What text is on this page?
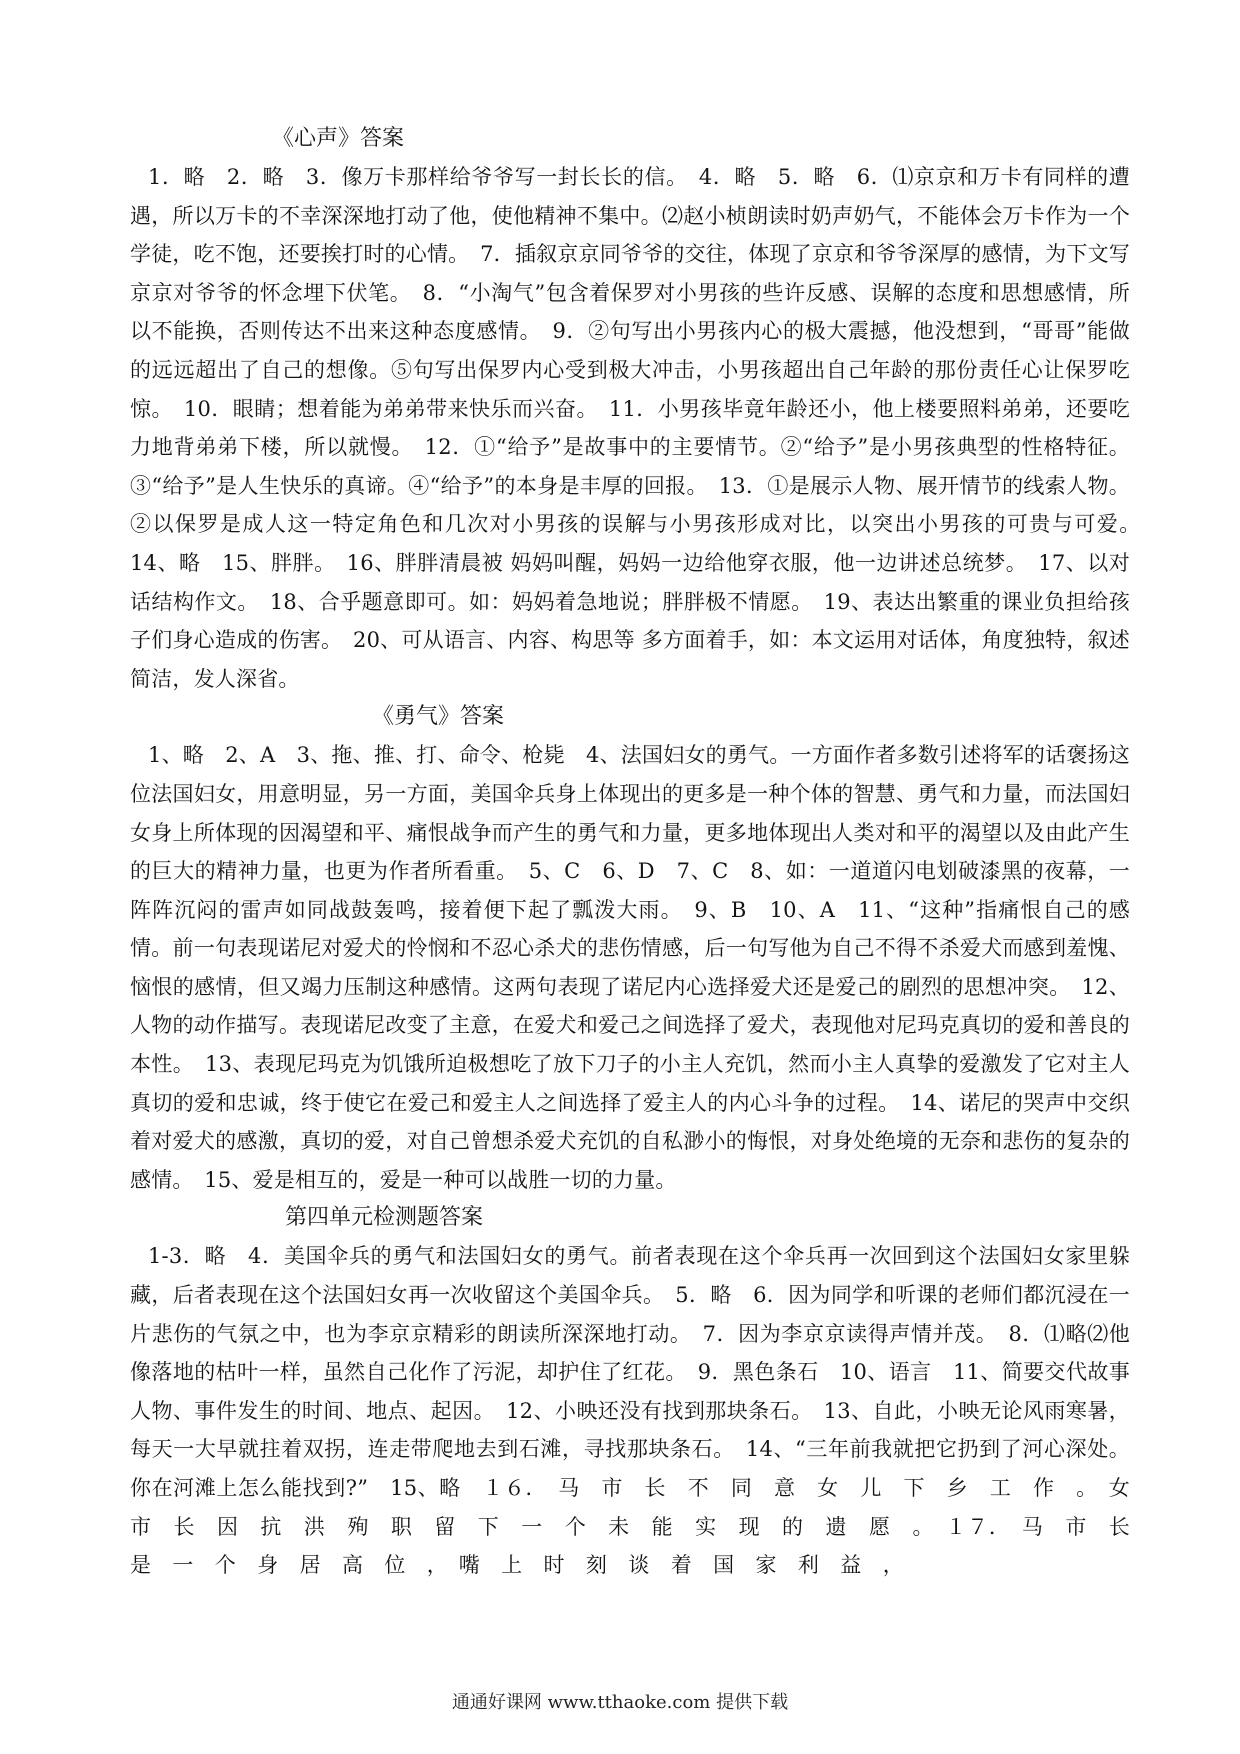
《心声》答案

1．略　2．略　3．像万卡那样给爷爷写一封长长的信。　4．略　5．略　6．⑴京京和万卡有同样的遭遇，所以万卡的不幸深深地打动了他，使他精神不集中。⑵赵小桢朗读时奶声奶气，不能体会万卡作为一个学徒，吃不饱，还要挨打时的心情。　7．插叙京京同爷爷的交往，体现了京京和爷爷深厚的感情，为下文写京京对爷爷的怀念埋下伏笔。　8．“小淘气”包含着保罗对小男孩的些许反感、误解的态度和思想感情，所以不能换，否则传达不出来这种态度感情。　9．②句写出小男孩内心的极大震撼，他没想到，“哥哥”能做的远远超出了自己的想像。⑤句写出保罗内心受到极大冲击，小男孩超出自己年龄的那份责任心让保罗吃惊。　10．眼睛；想着能为弟弟带来快乐而兴奋。　11．小男孩毕竟年龄还小，他上楼要照料弟弟，还要吃力地背弟弟下楼，所以就慢。　12．①“给予”是故事中的主要情节。②“给予”是小男孩典型的性格特征。③“给予”是人生快乐的真谛。④“给予”的本身是丰厚的回报。　13．①是展示人物、展开情节的线索人物。②以保罗是成人这一特定角色和几次对小男孩的误解与小男孩形成对比，以突出小男孩的可贵与可爱。　14、略　15、胖胖。　16、胖胖清晨被 妈妈叫醒，妈妈一边给他穿衣服，他一边讲述总统梦。　17、以对话结构作文。　18、合乎题意即可。如：妈妈着急地说；胖胖极不情愿。　19、表达出繁重的课业负担给孩子们身心造成的伤害。　20、可从语言、内容、构思等 多方面着手，如：本文运用对话体，角度独特，叙述简洁，发人深省。

《勇气》答案

1、略　2、A　3、拖、推、打、命令、枪毙　4、法国妇女的勇气。一方面作者多数引述将军的话褒扬这位法国妇女，用意明显，另一方面，美国伞兵身上体现出的更多是一种个体的智慧、勇气和力量，而法国妇女身上所体现的因渴望和平、痛恨战争而产生的勇气和力量，更多地体现出人类对和平的渴望以及由此产生的巨大的精神力量，也更为作者所看重。　5、C　6、D　7、C　8、如：一道道闪电划破漆黑的夜幕，一阵阵沉闷的雷声如同战鼓轰鸣，接着便下起了瓢泼大雨。　9、B　10、A　11、“这种”指痛恨自己的感情。前一句表现诺尼对爱犬的怜悯和不忍心杀犬的悲伤情感，后一句写他为自己不得不杀爱犬而感到羞愧、恼恨的感情，但又竭力压制这种感情。这两句表现了诺尼内心选择爱犬还是爱己的剧烈的思想冲突。　12、人物的动作描写。表现诺尼改变了主意，在爱犬和爱己之间选择了爱犬，表现他对尼玛克真切的爱和善良的本性。　13、表现尼玛克为饥饿所迫极想吃了放下刀子的小主人充饥，然而小主人真挚的爱激发了它对主人真切的爱和忠诚，终于使它在爱己和爱主人之间选择了爱主人的内心斗争的过程。　14、诺尼的哭声中交织着对爱犬的感激，真切的爱，对自己曾想杀爱犬充饥的自私渺小的悔恨，对身处绝境的无奈和悲伤的复杂的感情。　15、爱是相互的，爱是一种可以战胜一切的力量。

第四单元检测题答案

1-3．略　4．美国伞兵的勇气和法国妇女的勇气。前者表现在这个伞兵再一次回到这个法国妇女家里躲藏，后者表现在这个法国妇女再一次收留这个美国伞兵。　5．略　6．因为同学和听课的老师们都沉浸在一片悲伤的气氛之中，也为李京京精彩的朗读所深深地打动。　7．因为李京京读得声情并茂。　8．⑴略⑵他像落地的枯叶一样，虽然自己化作了污泥，却护住了红花。　9．黑色条石　10、语言　11、简要交代故事人物、事件发生的时间、地点、起因。　12、小映还没有找到那块条石。　13、自此，小映无论风雨寒暑，每天一大早就拄着双拐，连走带爬地去到石滩，寻找那块条石。　14、“三年前我就把它扔到了河心深处。你在河滩上怎么能找到?”　15、略　１６．　马　市　长　不　同　意　女　儿　下　乡　工　作　。　女　市　长　因　抗　洪　殉　职　留　下　一　个　未　能　实　现　的　遗　愿　。　１７．　马　市　长　是　一　个　身　居　高　位　，　嘴　上　时　刻　谈　着　国　家　利　益　，

通通好课网 www.tthaoke.com 提供下载
